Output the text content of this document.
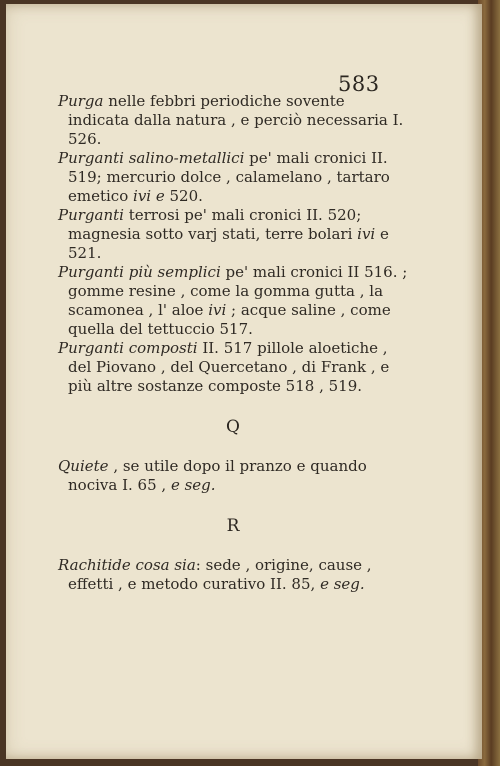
583

Purga nelle febbri periodiche sovente indicata dalla natura , e perciò necessaria I. 526.

Purganti salino-metallici pe' mali cronici II. 519; mercurio dolce , calamelano , tartaro emetico ivi e 520.

Purganti terrosi pe' mali cronici II. 520; magnesia sotto varj stati, terre bolari ivi e 521.

Purganti più semplici pe' mali cronici II 516. ; gomme resine , come la gomma gutta , la scamonea , l' aloe ivi ; acque saline , come quella del tettuccio 517.

Purganti composti II. 517 pillole aloetiche , del Piovano , del Quercetano , di Frank , e più altre sostanze composte 518 , 519.

Q

Quiete , se utile dopo il pranzo e quando nociva I. 65 , e seg.

R

Rachitide cosa sia: sede , origine, cause , effetti , e metodo curativo II. 85, e seg.
